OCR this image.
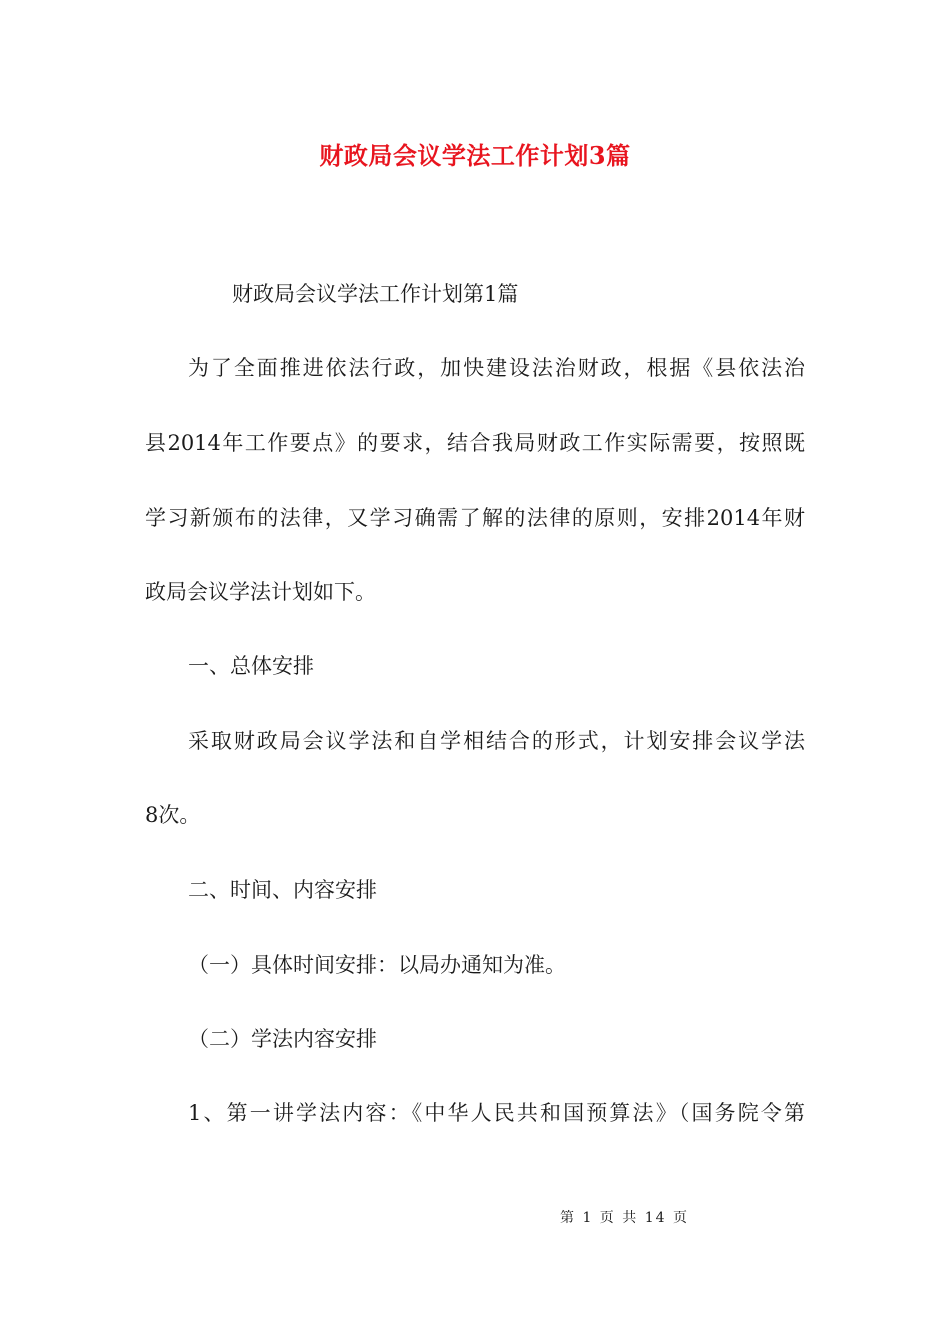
财政局会议学法工作计划3篇
财政局会议学法工作计划第1篇
为了全面推进依法行政，加快建设法治财政，根据《县依法治
县2014年工作要点》的要求，结合我局财政工作实际需要，按照既
学习新颁布的法律，又学习确需了解的法律的原则，安排2014年财
政局会议学法计划如下。
一、总体安排
采取财政局会议学法和自学相结合的形式，计划安排会议学法
8次。
二、时间、内容安排
（一）具体时间安排：以局办通知为准。
（二）学法内容安排
1、第一讲学法内容：《中华人民共和国预算法》（国务院令第
第 1 页 共 14 页
